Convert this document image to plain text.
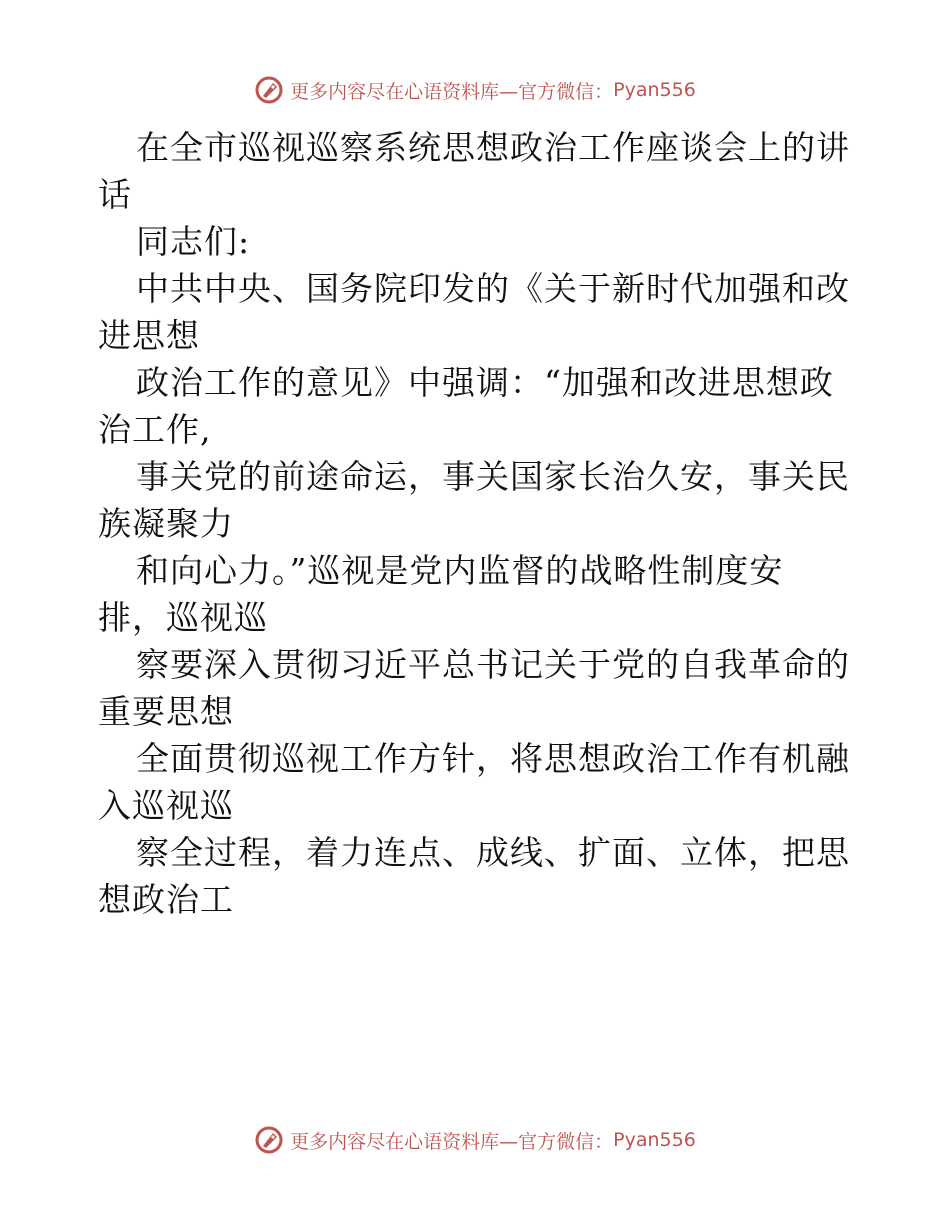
更多内容尽在心语资料库—官方微信： Pyan556
在全市巡视巡察系统思想政治工作座谈会上的讲
话
同志们:
中共中央、国务院印发的《关于新时代加强和改
进思想
政治工作的意见》中强调：“加强和改进思想政
治工作,
事关党的前途命运，事关国家长治久安，事关民
族凝聚力
和向心力。”巡视是党内监督的战略性制度安
排，巡视巡
察要深入贯彻习近平总书记关于党的自我革命的
重要思想
全面贯彻巡视工作方针，将思想政治工作有机融
入巡视巡
察全过程，着力连点、成线、扩面、立体，把思
想政治工
更多内容尽在心语资料库—官方微信： Pyan556
